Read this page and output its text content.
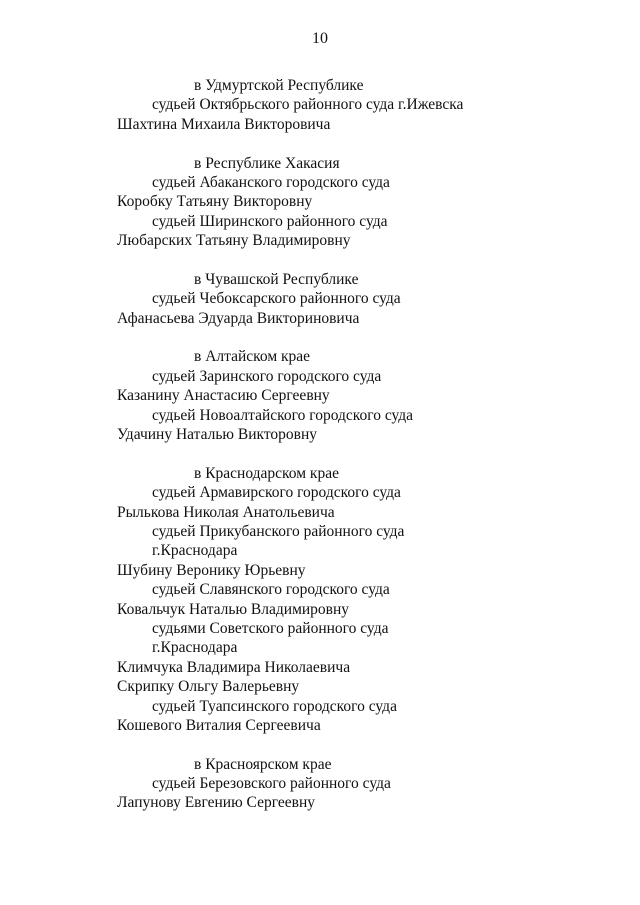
10
в Удмуртской Республике
судьей Октябрьского районного суда г.Ижевска
Шахтина Михаила Викторовича
в Республике Хакасия
судьей Абаканского городского суда
Коробку Татьяну Викторовну
судьей Ширинского районного суда
Любарских Татьяну Владимировну
в Чувашской Республике
судьей Чебоксарского районного суда
Афанасьева Эдуарда Викториновича
в Алтайском крае
судьей Заринского городского суда
Казанину Анастасию Сергеевну
судьей Новоалтайского городского суда
Удачину Наталью Викторовну
в Краснодарском крае
судьей Армавирского городского суда
Рылькова Николая Анатольевича
судьей Прикубанского районного суда
г.Краснодара
Шубину Веронику Юрьевну
судьей Славянского городского суда
Ковальчук Наталью Владимировну
судьями Советского районного суда
г.Краснодара
Климчука Владимира Николаевича
Скрипку Ольгу Валерьевну
судьей Туапсинского городского суда
Кошевого Виталия Сергеевича
в Красноярском крае
судьей Березовского районного суда
Лапунову Евгению Сергеевну
